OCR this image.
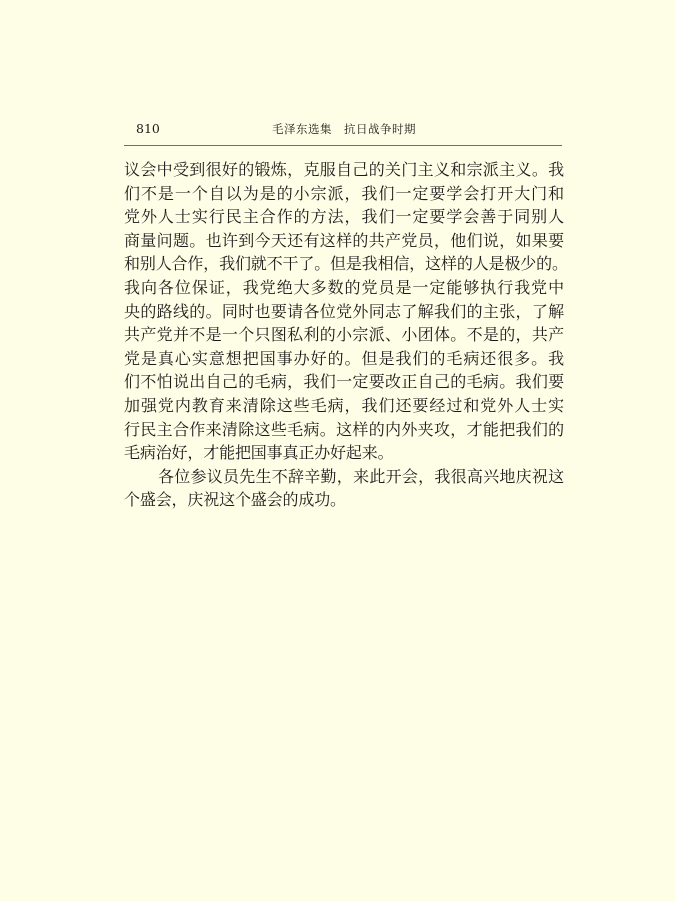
810	毛泽东选集　抗日战争时期
议会中受到很好的锻炼，克服自己的关门主义和宗派主义。我
们不是一个自以为是的小宗派，我们一定要学会打开大门和
党外人士实行民主合作的方法，我们一定要学会善于同别人
商量问题。也许到今天还有这样的共产党员，他们说，如果要
和别人合作，我们就不干了。但是我相信，这样的人是极少的。
我向各位保证，我党绝大多数的党员是一定能够执行我党中
央的路线的。同时也要请各位党外同志了解我们的主张，了解
共产党并不是一个只图私利的小宗派、小团体。不是的，共产
党是真心实意想把国事办好的。但是我们的毛病还很多。我
们不怕说出自己的毛病，我们一定要改正自己的毛病。我们要
加强党内教育来清除这些毛病，我们还要经过和党外人士实
行民主合作来清除这些毛病。这样的内外夹攻，才能把我们的
毛病治好，才能把国事真正办好起来。
各位参议员先生不辞辛勤，来此开会，我很高兴地庆祝这
个盛会，庆祝这个盛会的成功。
